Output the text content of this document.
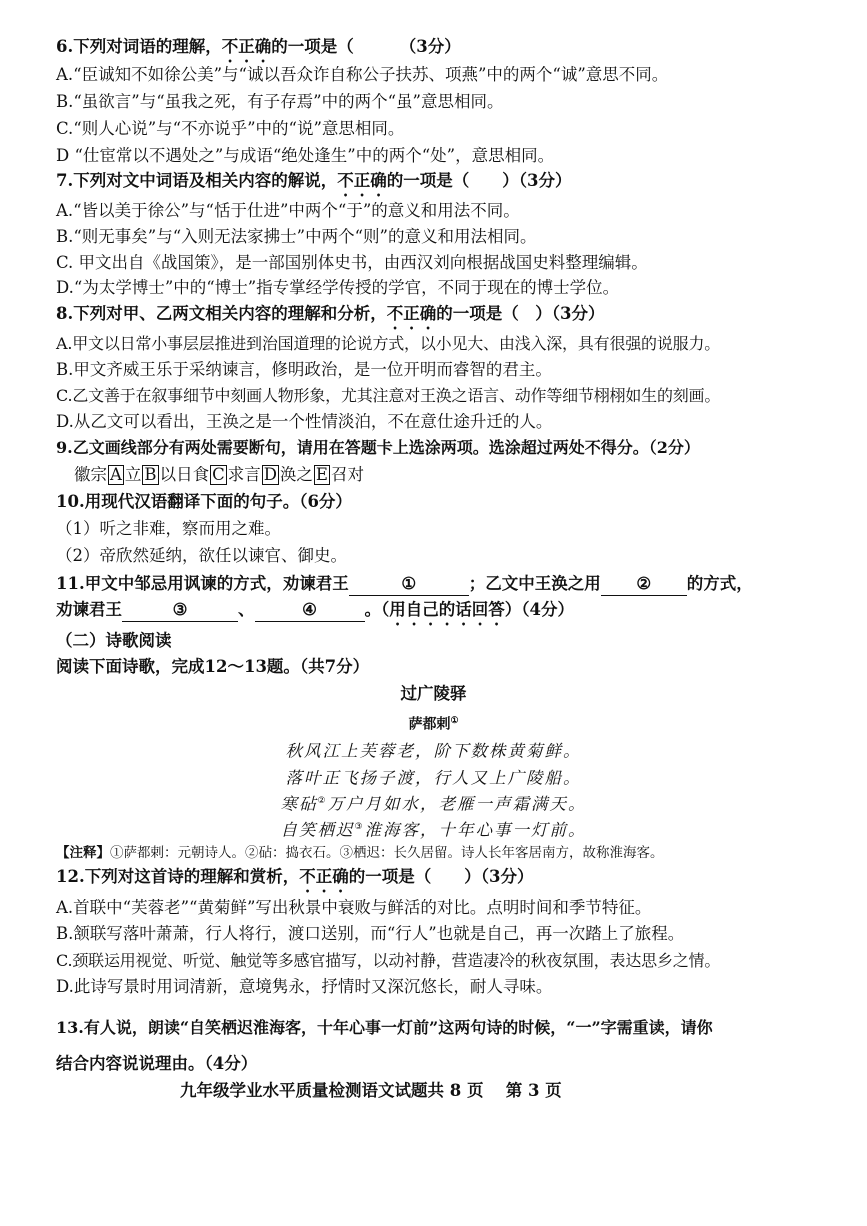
6.下列对词语的理解，不正确的一项是（	（3分）
A.“臣诚知不如徐公美”与“诚以吾众诈自称公子扶苏、项燕”中的两个“诚”意思不同。
B.“虽欲言”与“虽我之死，有子存焉”中的两个“虽”意思相同。
C.“则人心说”与“不亦说乎”中的“说”意思相同。
D “仕宦常以不遇处之”与成语“绝处逢生”中的两个“处”，意思相同。
7.下列对文中词语及相关内容的解说，不正确的一项是（　　）（3分）
A.“皆以美于徐公”与“恬于仕进”中两个“于”的意义和用法不同。
B.“则无事矣”与“入则无法家拂士”中两个“则”的意义和用法相同。
C. 甲文出自《战国策》，是一部国别体史书，由西汉刘向根据战国史料整理编辑。
D.“为太学博士”中的“博士”指专掌经学传授的学官，不同于现在的博士学位。
8.下列对甲、乙两文相关内容的理解和分析，不正确的一项是（　）（3分）
A.甲文以日常小事层层推进到治国道理的论说方式，以小见大、由浅入深，具有很强的说服力。
B.甲文齐威王乐于采纳谏言，修明政治，是一位开明而睿智的君主。
C.乙文善于在叙事细节中刻画人物形象，尤其注意对王涣之语言、动作等细节栩栩如生的刻画。
D.从乙文可以看出，王涣之是一个性情淡泊，不在意仕途升迁的人。
9.乙文画线部分有两处需要断句，请用在答题卡上选涂两项。选涂超过两处不得分。（2分）
徽宗 A 立 B 以日食 C 求言 D 涣之 E 召对
10.用现代汉语翻译下面的句子。（6分）
（1）听之非难，察而用之难。
（2）帝欣然延纳，欲任以谏官、御史。
11.甲文中邹忌用讽谏的方式，劝谏君王	①	；乙文中王涣之用 ② 的方式，
劝谏君王	③	、	④	。（用自己的话回答）（4分）
（二）诗歌阅读
阅读下面诗歌，完成12～13题。（共7分）
过广陵驿
萨都剌①
秋风江上芙蓉老，阶下数株黄菊鲜。
落叶正飞扬子渡，行人又上广陵船。
寒砧②万户月如水，老雁一声霜满天。
自笑栖迟③淮海客，十年心事一灯前。
【注释】①萨都剌：元朝诗人。②砧：捣衣石。③栖迟：长久居留。诗人长年客居南方，故称淮海客。
12.下列对这首诗的理解和赏析，不正确的一项是（　　）（3分）
A.首联中“芙蓉老”“黄菊鲜”写出秋景中衰败与鲜活的对比。点明时间和季节特征。
B.颔联写落叶萧萧，行人将行，渡口送别，而“行人”也就是自己，再一次踏上了旅程。
C.颈联运用视觉、听觉、触觉等多感官描写，以动衬静，营造凄冷的秋夜氛围，表达思乡之情。
D.此诗写景时用词清新，意境隽永，抒情时又深沉悠长，耐人寻味。
13.有人说，朗读“自笑栖迟淮海客，十年心事一灯前”这两句诗的时候，“一”字需重读，请你
结合内容说说理由。（4分）
九年级学业水平质量检测语文试题共 8 页　 第 3 页
